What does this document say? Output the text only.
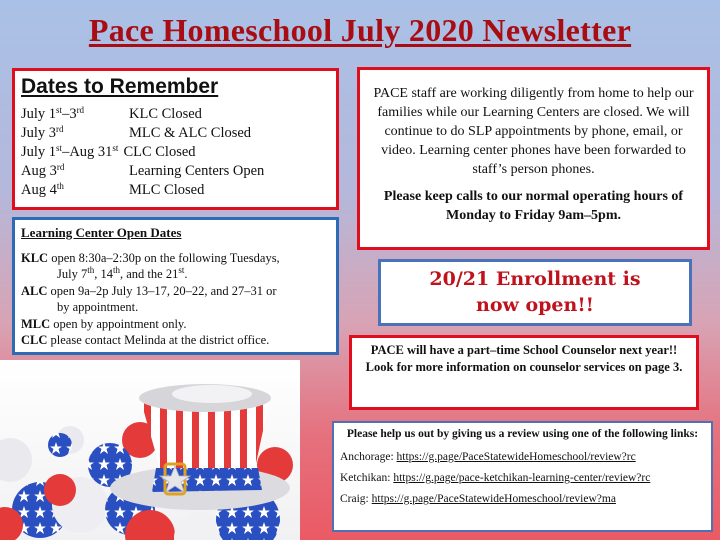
Pace Homeschool July 2020 Newsletter
Dates to Remember
July 1st–3rd	KLC Closed
July 3rd	MLC & ALC Closed
July 1st–Aug 31st CLC Closed
Aug 3rd	Learning Centers Open
Aug 4th	MLC Closed
Learning Center Open Dates

KLC open 8:30a–2:30p on the following Tuesdays,

July 7th, 14th, and the 21st.

ALC open 9a–2p July 13–17, 20–22, and 27–31 or

by appointment.

MLC open by appointment only.

CLC please contact Melinda at the district office.

PACE staff are working diligently from home to help our families while our Learning Centers are closed. We will continue to do SLP appointments by phone, email, or video. Learning center phones have been forwarded to staff’s person phones.

Please keep calls to our normal operating hours of Monday to Friday 9am–5pm.

20/21 Enrollment is
now open!!

PACE will have a part–time School Counselor next year!!

Look for more information on counselor services on page 3.

Please help us out by giving us a review using one of the following links:

Anchorage: https://g.page/PaceStatewideHomeschool/review?rc

Ketchikan: https://g.page/pace-ketchikan-learning-center/review?rc

Craig: https://g.page/PaceStatewideHomeschool/review?ma
